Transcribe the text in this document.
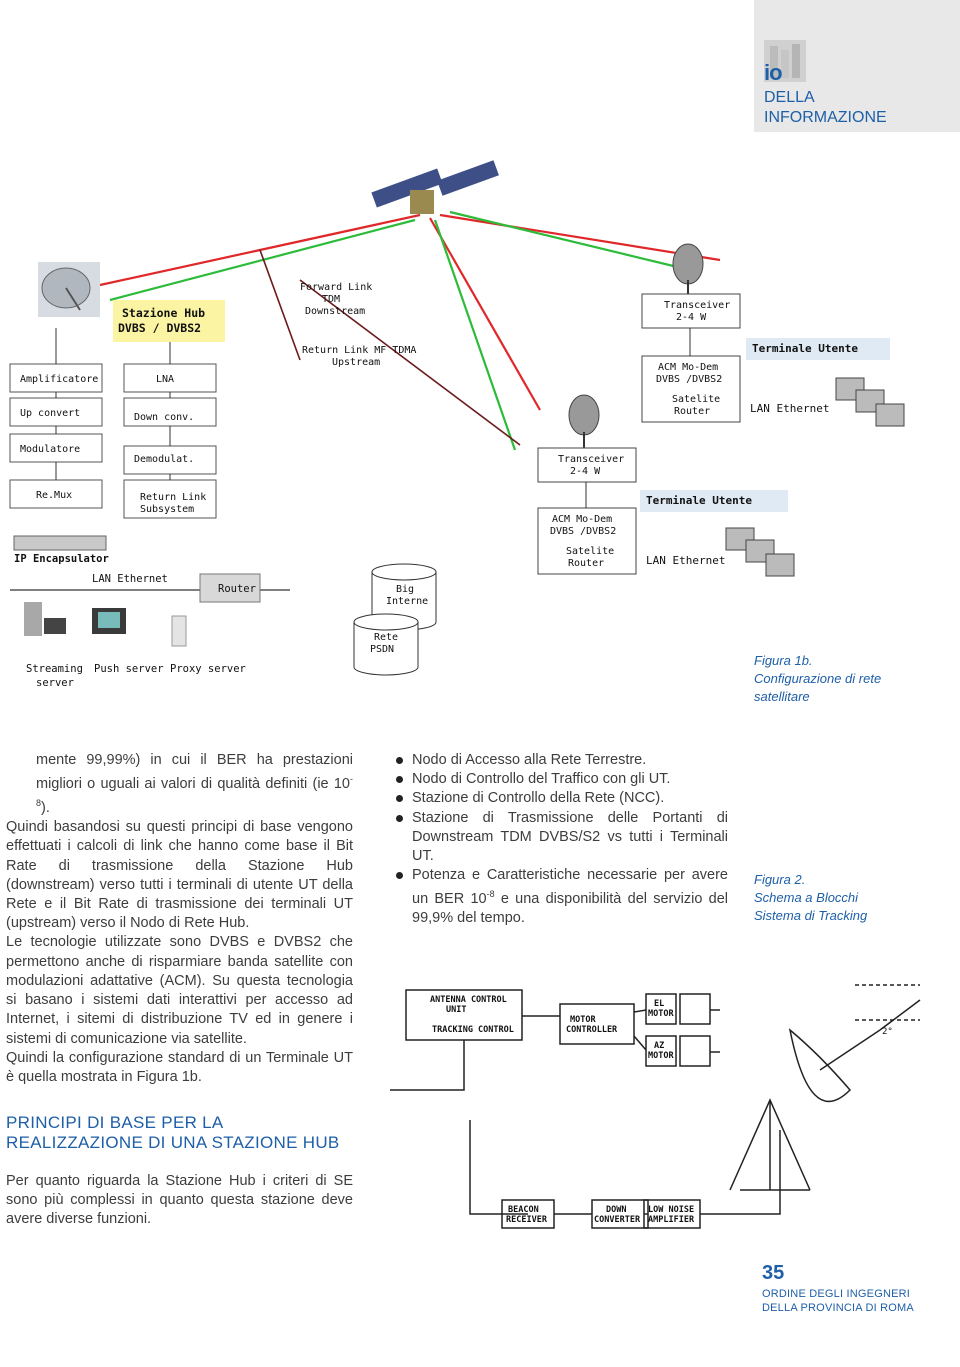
io
DELLA
INFORMAZIONE
Stazione Hub
DVBS / DVBS2
Forward Link
TDM
Downstream
Return Link MF TDMA
Upstream
Amplificatore	LNA
Up convert	Down conv.
Modulatore
Demodulat.
Re.Mux	Return Link
Subsystem
IP Encapsulator
LAN Ethernet
Router
Streaming
server
Push server Proxy server
Big
Interne
Rete
PSDN
Transceiver
2-4 W
ACM Mo-Dem
DVBS /DVBS2
Satelite
Router
Terminale Utente
LAN Ethernet
Transceiver
2-4 W
ACM Mo-Dem
DVBS /DVBS2
Satelite
Router
Terminale Utente
LAN Ethernet
Figura 1b.
Configurazione di rete satellitare

mente 99,99%) in cui il BER ha prestazioni migliori o uguali ai valori di qualità definiti (ie $10^{-8}$).

Quindi basandosi su questi principi di base vengono effettuati i calcoli di link che hanno come base il Bit Rate di trasmissione della Stazione Hub (downstream) verso tutti i terminali di utente UT della Rete e il Bit Rate di trasmissione dei terminali UT (upstream) verso il Nodo di Rete Hub.

Le tecnologie utilizzate sono DVBS e DVBS2 che permettono anche di risparmiare banda satellite con modulazioni adattative (ACM). Su questa tecnologia si basano i sistemi dati interattivi per accesso ad Internet, i sitemi di distribuzione TV ed in genere i sistemi di comunicazione via satellite.

Quindi la configurazione standard di un Terminale UT è quella mostrata in Figura 1b.

PRINCIPI DI BASE PER LA
REALIZZAZIONE DI UNA STAZIONE HUB
Per quanto riguarda la Stazione Hub i criteri di SE sono più complessi in quanto questa stazione deve avere diverse funzioni.
Nodo di Accesso alla Rete Terrestre.
Nodo di Controllo del Traffico con gli UT.
Stazione di Controllo della Rete (NCC).
Stazione di Trasmissione delle Portanti di Downstream TDM DVBS/S2 vs tutti i Terminali UT.
Potenza e Caratteristiche necessarie per avere un BER $10^{-8}$ e una disponibilità del servizio del 99,9% del tempo.
Figura 2.
Schema a Blocchi Sistema di Tracking
ANTENNA CONTROL
UNIT
TRACKING CONTROL
MOTOR
CONTROLLER
EL
MOTOR
AZ
MOTOR
BEACON
RECEIVER
DOWN
CONVERTER
LOW NOISE
AMPLIFIER
2°
35
ORDINE DEGLI INGEGNERI
DELLA PROVINCIA DI ROMA
